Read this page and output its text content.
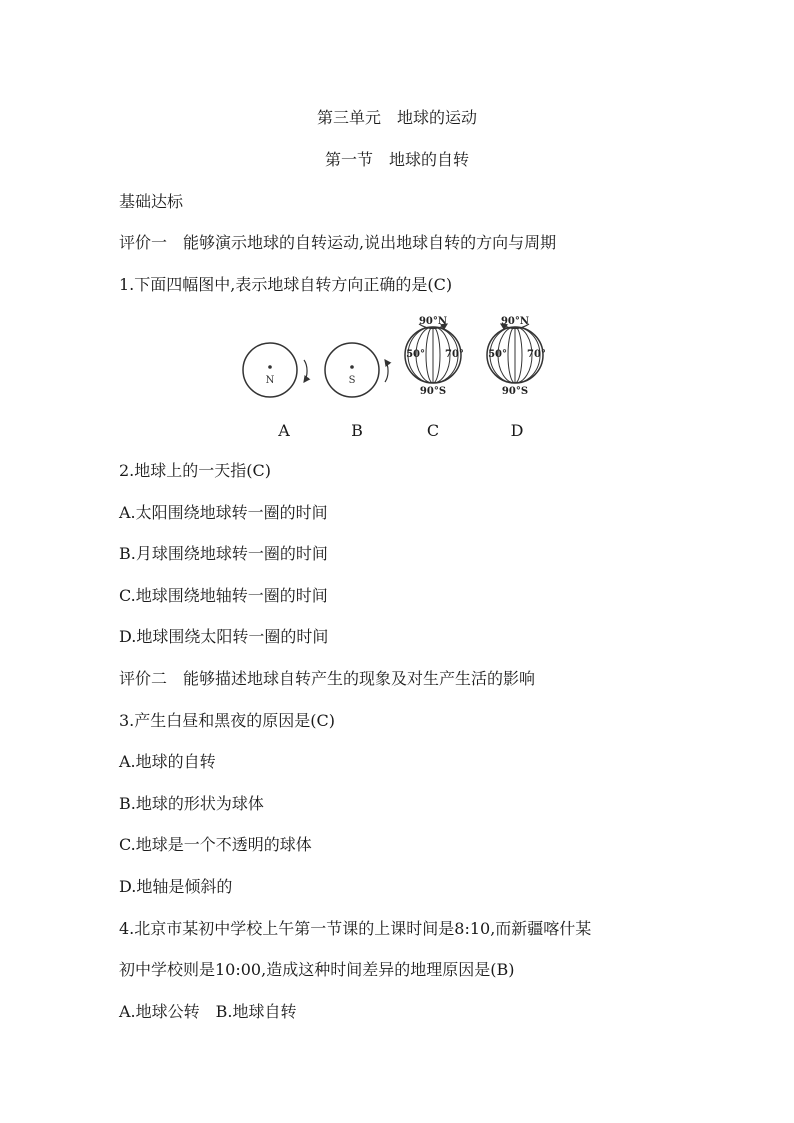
第三单元　地球的运动
第一节　地球的自转
基础达标
评价一　能够演示地球的自转运动,说出地球自转的方向与周期
1.下面四幅图中,表示地球自转方向正确的是(C)
N	S
90°N
50° 70°
90°S
90°N
50° 70°
90°S
A	B	C	D
2.地球上的一天指(C)
A.太阳围绕地球转一圈的时间
B.月球围绕地球转一圈的时间
C.地球围绕地轴转一圈的时间
D.地球围绕太阳转一圈的时间
评价二　能够描述地球自转产生的现象及对生产生活的影响
3.产生白昼和黑夜的原因是(C)
A.地球的自转
B.地球的形状为球体
C.地球是一个不透明的球体
D.地轴是倾斜的
4.北京市某初中学校上午第一节课的上课时间是8:10,而新疆喀什某
初中学校则是10:00,造成这种时间差异的地理原因是(B)
A.地球公转　B.地球自转
